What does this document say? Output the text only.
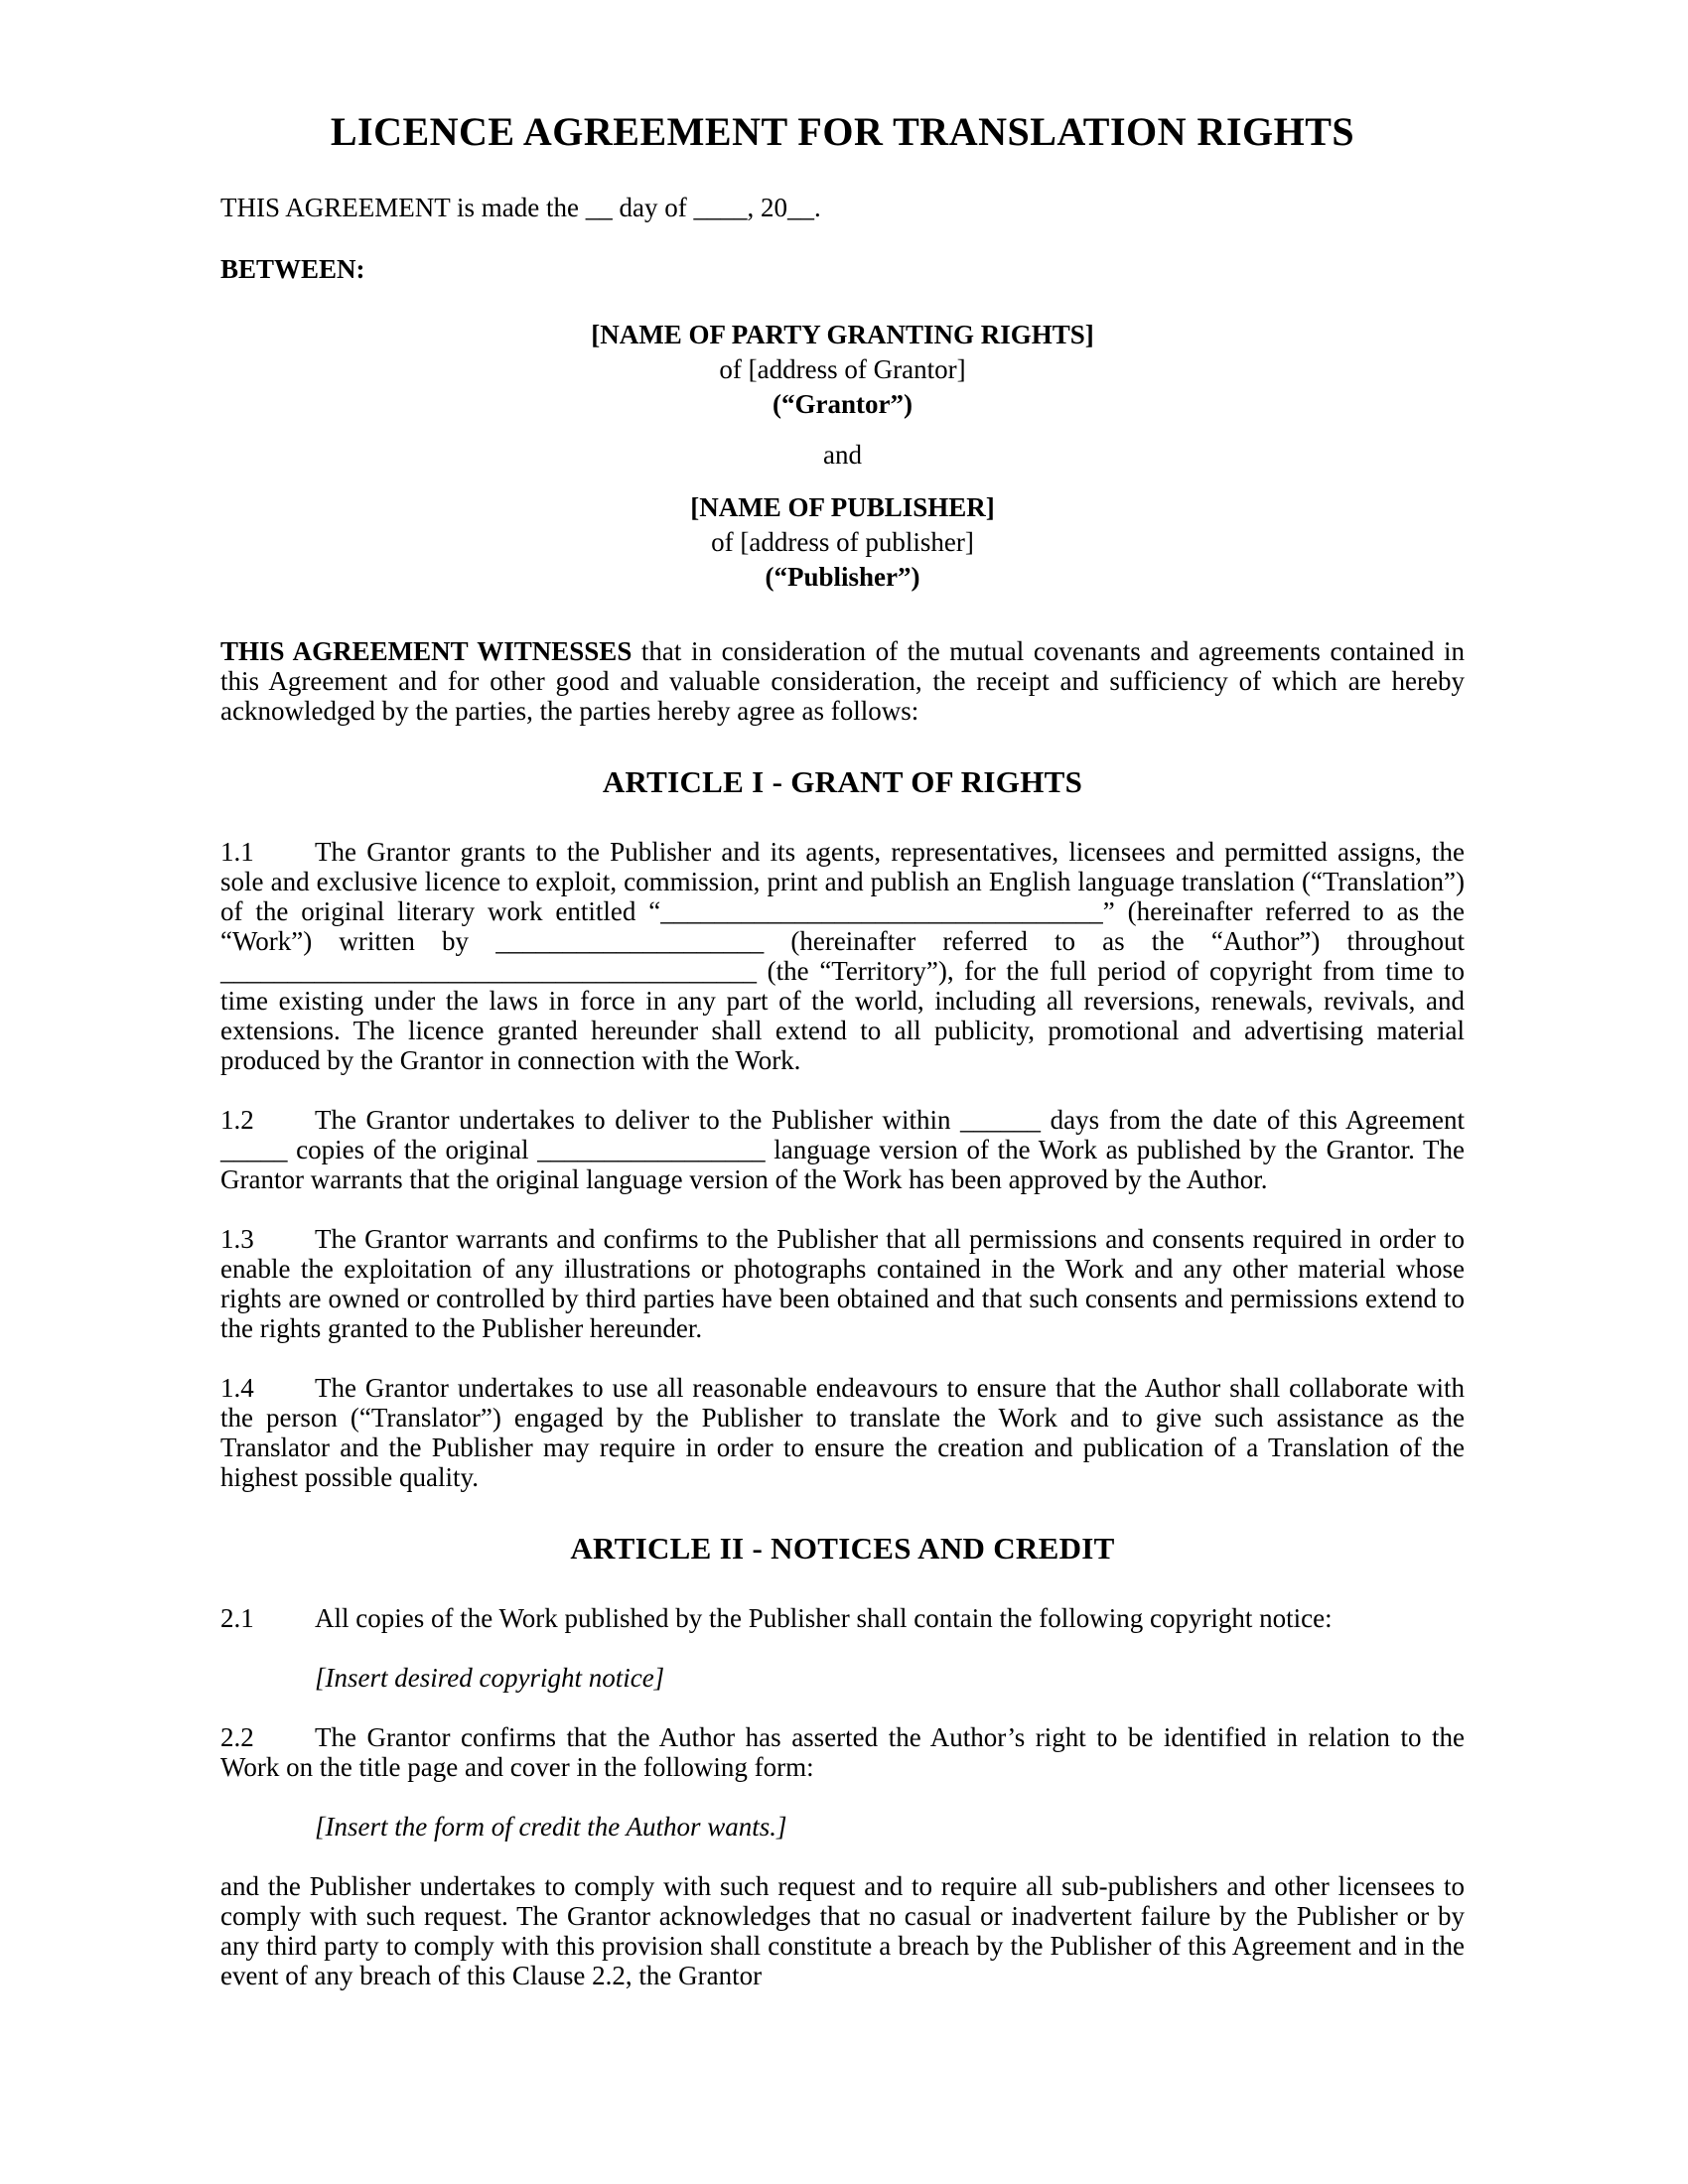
LICENCE AGREEMENT FOR TRANSLATION RIGHTS

THIS AGREEMENT is made the __ day of ____, 20__.

BETWEEN:

[NAME OF PARTY GRANTING RIGHTS]
of [address of Grantor]
(“Grantor”)
and
[NAME OF PUBLISHER]
of [address of publisher]
(“Publisher”)

THIS AGREEMENT WITNESSES that in consideration of the mutual covenants and agreements contained in this Agreement and for other good and valuable consideration, the receipt and sufficiency of which are hereby acknowledged by the parties, the parties hereby agree as follows:

ARTICLE I - GRANT OF RIGHTS

1.1 The Grantor grants to the Publisher and its agents, representatives, licensees and permitted assigns, the sole and exclusive licence to exploit, commission, print and publish an English language translation (“Translation”) of the original literary work entitled “_________________________________” (hereinafter referred to as the “Work”) written by ____________________ (hereinafter referred to as the “Author”) throughout ________________________________________ (the “Territory”), for the full period of copyright from time to time existing under the laws in force in any part of the world, including all reversions, renewals, revivals, and extensions. The licence granted hereunder shall extend to all publicity, promotional and advertising material produced by the Grantor in connection with the Work.

1.2 The Grantor undertakes to deliver to the Publisher within ______ days from the date of this Agreement _____ copies of the original _________________ language version of the Work as published by the Grantor. The Grantor warrants that the original language version of the Work has been approved by the Author.

1.3 The Grantor warrants and confirms to the Publisher that all permissions and consents required in order to enable the exploitation of any illustrations or photographs contained in the Work and any other material whose rights are owned or controlled by third parties have been obtained and that such consents and permissions extend to the rights granted to the Publisher hereunder.

1.4 The Grantor undertakes to use all reasonable endeavours to ensure that the Author shall collaborate with the person (“Translator”) engaged by the Publisher to translate the Work and to give such assistance as the Translator and the Publisher may require in order to ensure the creation and publication of a Translation of the highest possible quality.

ARTICLE II - NOTICES AND CREDIT

2.1 All copies of the Work published by the Publisher shall contain the following copyright notice:

[Insert desired copyright notice]

2.2 The Grantor confirms that the Author has asserted the Author’s right to be identified in relation to the Work on the title page and cover in the following form:

[Insert the form of credit the Author wants.]

and the Publisher undertakes to comply with such request and to require all sub-publishers and other licensees to comply with such request. The Grantor acknowledges that no casual or inadvertent failure by the Publisher or by any third party to comply with this provision shall constitute a breach by the Publisher of this Agreement and in the event of any breach of this Clause 2.2, the Grantor
